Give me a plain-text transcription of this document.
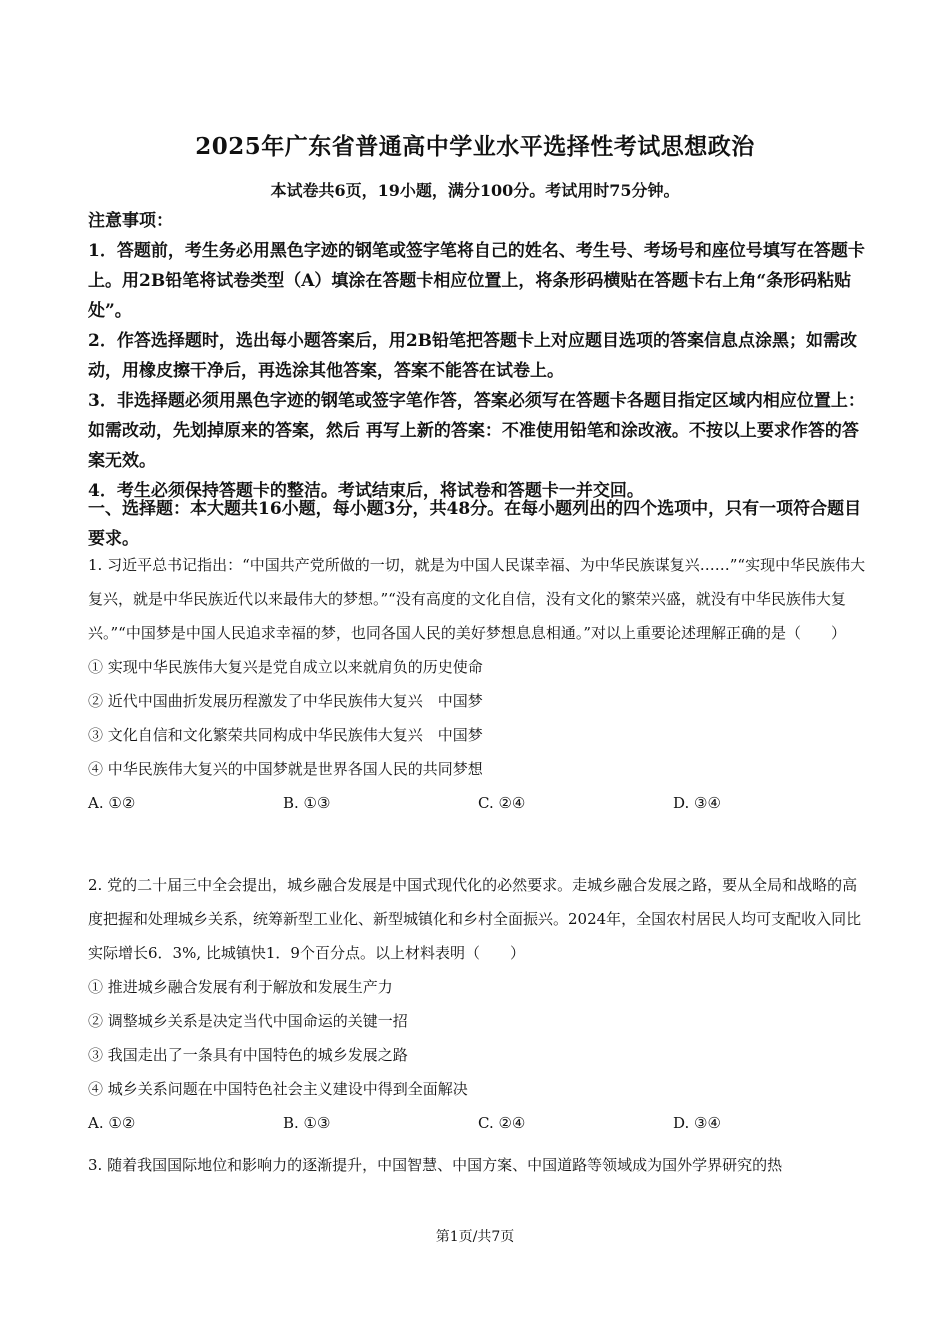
2025年广东省普通高中学业水平选择性考试思想政治
本试卷共6页，19小题，满分100分。考试用时75分钟。

注意事项：

1．答题前，考生务必用黑色字迹的钢笔或签字笔将自己的姓名、考生号、考场号和座位号填写在答题卡上。用2B铅笔将试卷类型（A）填涂在答题卡相应位置上，将条形码横贴在答题卡右上角“条形码粘贴处”。

2．作答选择题时，选出每小题答案后，用2B铅笔把答题卡上对应题目选项的答案信息点涂黑；如需改动，用橡皮擦干净后，再选涂其他答案，答案不能答在试卷上。

3．非选择题必须用黑色字迹的钢笔或签字笔作答，答案必须写在答题卡各题目指定区域内相应位置上：如需改动，先划掉原来的答案，然后 再写上新的答案：不准使用铅笔和涂改液。不按以上要求作答的答案无效。

4．考生必须保持答题卡的整洁。考试结束后，将试卷和答题卡一并交回。

一、选择题：本大题共16小题，每小题3分，共48分。在每小题列出的四个选项中，只有一项符合题目要求。

1. 习近平总书记指出：“中国共产党所做的一切，就是为中国人民谋幸福、为中华民族谋复兴……”“实现中华民族伟大复兴，就是中华民族近代以来最伟大的梦想。”“没有高度的文化自信，没有文化的繁荣兴盛，就没有中华民族伟大复兴。”“中国梦是中国人民追求幸福的梦，也同各国人民的美好梦想息息相通。”对以上重要论述理解正确的是（　　）

① 实现中华民族伟大复兴是党自成立以来就肩负的历史使命
② 近代中国曲折发展历程激发了中华民族伟大复兴　中国梦
③ 文化自信和文化繁荣共同构成中华民族伟大复兴　中国梦
④ 中华民族伟大复兴的中国梦就是世界各国人民的共同梦想
A. ①②	B. ①③	C. ②④	D. ③④

2. 党的二十届三中全会提出，城乡融合发展是中国式现代化的必然要求。走城乡融合发展之路，要从全局和战略的高度把握和处理城乡关系，统筹新型工业化、新型城镇化和乡村全面振兴。2024年，全国农村居民人均可支配收入同比实际增长6．3%, 比城镇快1．9个百分点。以上材料表明（　　）

① 推进城乡融合发展有利于解放和发展生产力
② 调整城乡关系是决定当代中国命运的关键一招
③ 我国走出了一条具有中国特色的城乡发展之路
④ 城乡关系问题在中国特色社会主义建设中得到全面解决
A. ①②	B. ①③	C. ②④	D. ③④

3. 随着我国国际地位和影响力的逐渐提升，中国智慧、中国方案、中国道路等领域成为国外学界研究的热

第1页/共7页
